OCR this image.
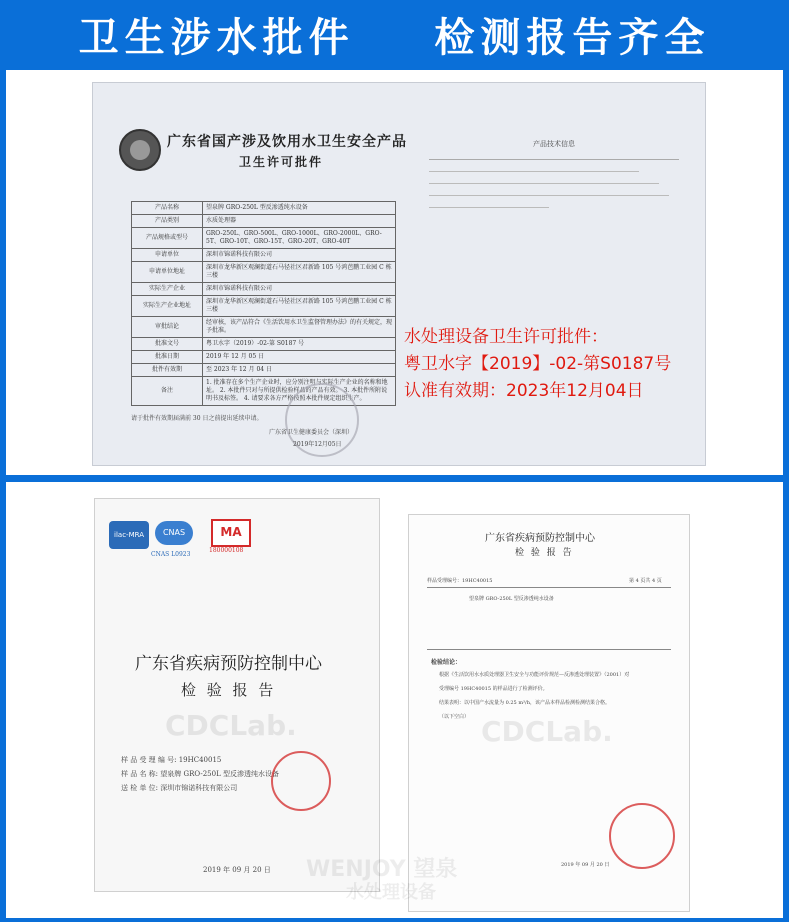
卫生涉水批件    检测报告齐全
广东省国产涉及饮用水卫生安全产品
卫生许可批件
产品名称	望泉牌 GRO-250L 型反渗透纯水设备
产品类别	水质处理器
产品规格或型号	GRO-250L、GRO-500L、GRO-1000L、GRO-2000L、GRO-5T、GRO-10T、GRO-15T、GRO-20T、GRO-40T
申请单位	深圳市锦诺科技有限公司
申请单位地址	深圳市龙华新区观澜街道石马径社区君新路 105 号鸿芭鹏工业园 C 栋三楼
实际生产企业	深圳市锦诺科技有限公司
实际生产企业地址	深圳市龙华新区观澜街道石马径社区君新路 105 号鸿芭鹏工业园 C 栋三楼
审批结论	经审核，该产品符合《生活饮用水卫生监督管理办法》的有关规定，现予批准。
批准文号	粤卫水字（2019）-02-第 S0187 号
批准日期	2019 年 12 月 05 日
批件有效期	至 2023 年 12 月 04 日
备注	1. 批准存在多个生产企业时，应分别注明与实际生产企业的名称和地址。 2. 本批件只对与所提供检验样品的产品有效。 3. 本批件所附说明书及标签。 4. 请要求各方严格按照本批件规定组织生产。
请于批件有效期届满前 30 日之前提出延续申请。
广东省卫生健康委员会（深圳）
2019年12月05日
产品技术信息
水处理设备卫生许可批件：
粤卫水字【2019】-02-第S0187号
认准有效期：2023年12月04日
ilac-MRA	CNAS
CNAS L0923
MA
180000108
广东省疾病预防控制中心
检 验 报 告
CDCLab.
样 品 受 理 编 号: 19HC40015
样 品 名 称: 望泉牌 GRO-250L 型反渗透纯水设备
送 检 单 位: 深圳市锦诺科技有限公司
2019 年 09 月 20 日
广东省疾病预防控制中心
检 验 报 告
样品受理编号：19HC40015	第 4 页共 4 页
望泉牌 GRO-250L 型反渗透纯水设备
检验结论：
根据《生活饮用水水质处理器卫生安全与功能评价规范—反渗透处理装置》（2001）对
受理编号 19HC40015 的样品进行了检测评价。
结果表明：以中国产水流量为 0.25 m³/h，该产品本样品检测检测结果合格。
（以下空白） CDCLab.
2019 年 09 月 20 日
WENJOY 望泉
水处理设备
